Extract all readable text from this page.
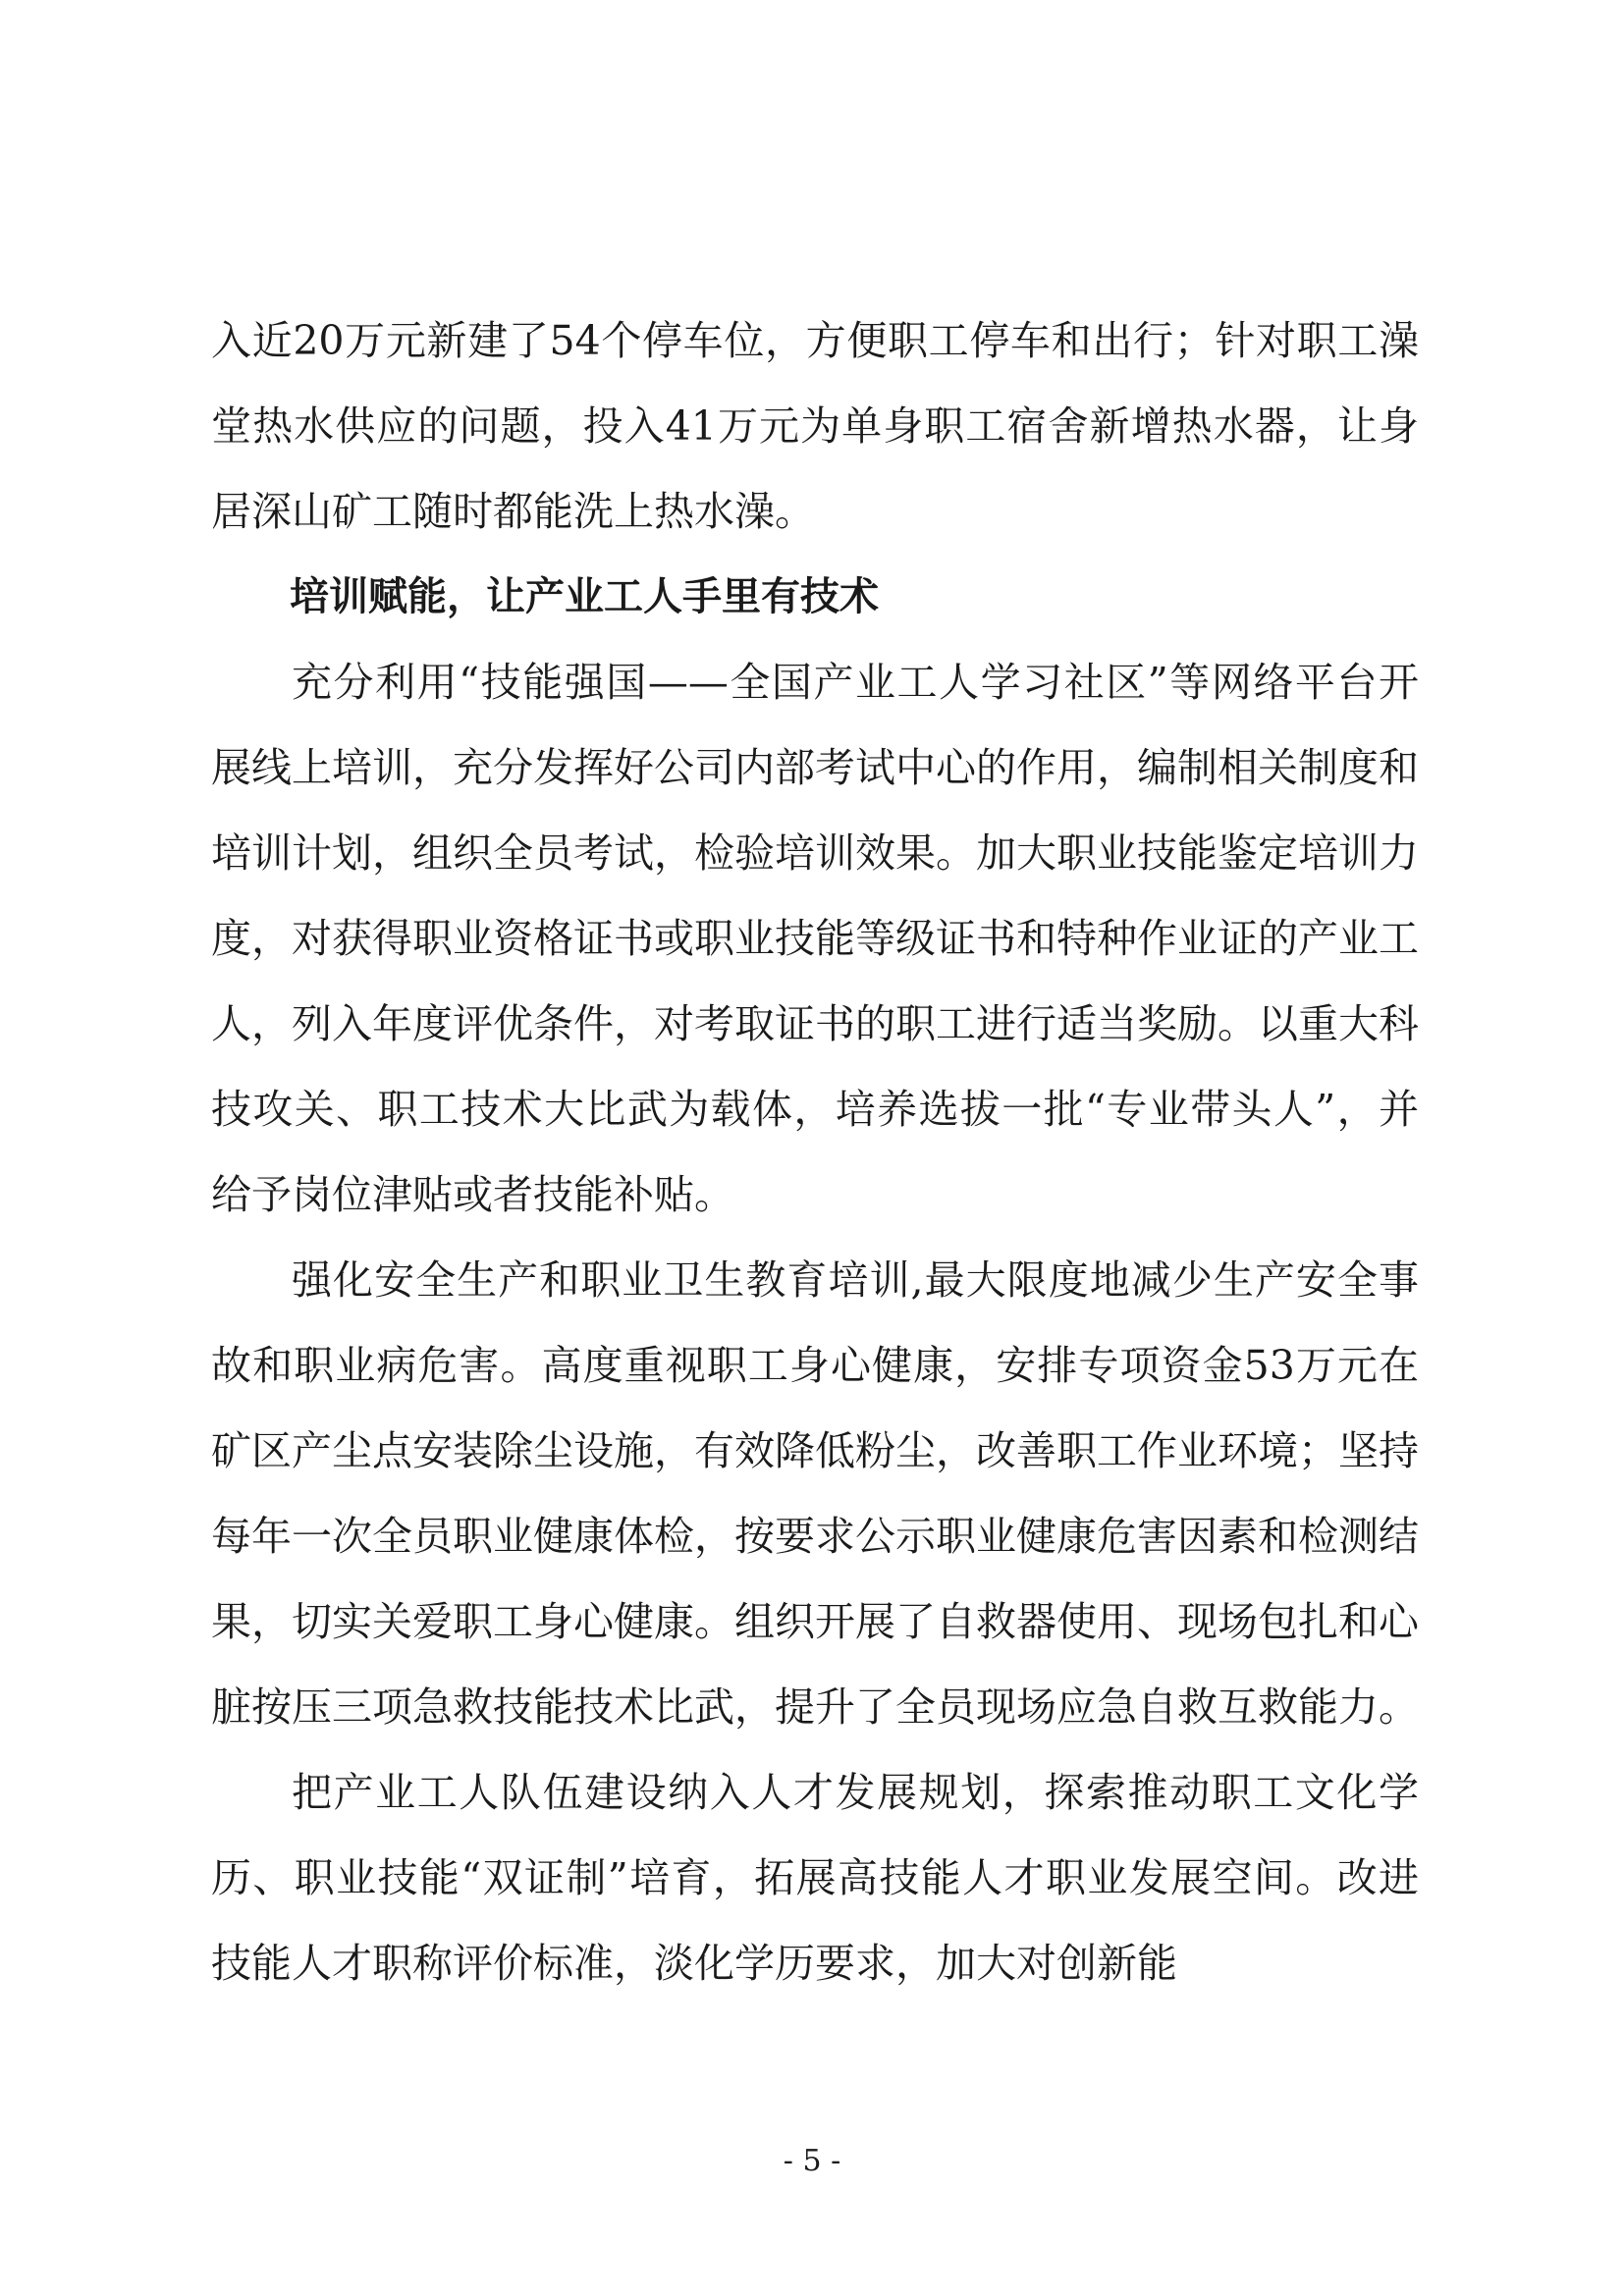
入近20万元新建了54个停车位，方便职工停车和出行；针对职工澡堂热水供应的问题，投入41万元为单身职工宿舍新增热水器，让身居深山矿工随时都能洗上热水澡。

培训赋能，让产业工人手里有技术

充分利用“技能强国——全国产业工人学习社区”等网络平台开展线上培训，充分发挥好公司内部考试中心的作用，编制相关制度和培训计划，组织全员考试，检验培训效果。加大职业技能鉴定培训力度，对获得职业资格证书或职业技能等级证书和特种作业证的产业工人，列入年度评优条件，对考取证书的职工进行适当奖励。以重大科技攻关、职工技术大比武为载体，培养选拔一批“专业带头人”，并给予岗位津贴或者技能补贴。

强化安全生产和职业卫生教育培训,最大限度地减少生产安全事故和职业病危害。高度重视职工身心健康，安排专项资金53万元在矿区产尘点安装除尘设施，有效降低粉尘，改善职工作业环境；坚持每年一次全员职业健康体检，按要求公示职业健康危害因素和检测结果，切实关爱职工身心健康。组织开展了自救器使用、现场包扎和心脏按压三项急救技能技术比武，提升了全员现场应急自救互救能力。

把产业工人队伍建设纳入人才发展规划，探索推动职工文化学历、职业技能“双证制”培育，拓展高技能人才职业发展空间。改进技能人才职称评价标准，淡化学历要求，加大对创新能

- 5 -
